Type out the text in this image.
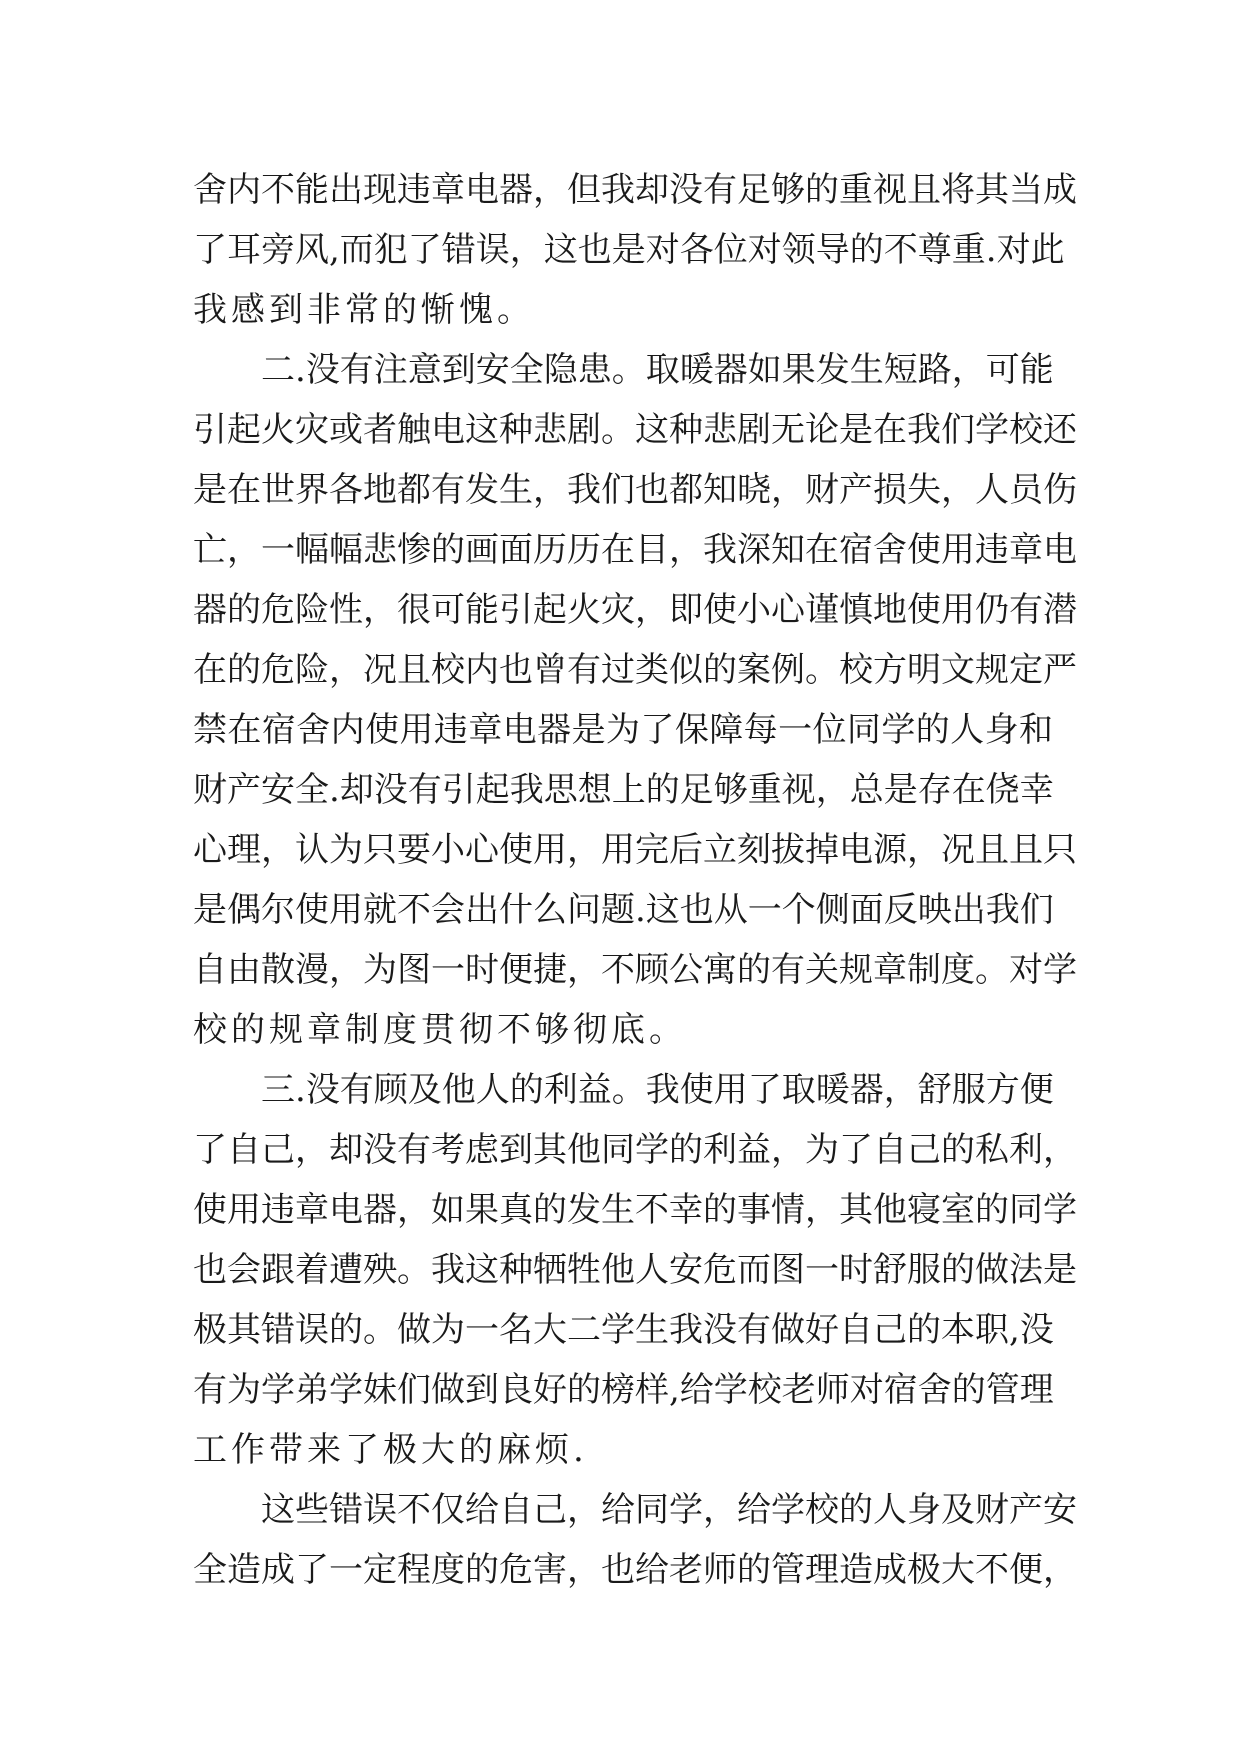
舍内不能出现违章电器，但我却没有足够的重视且将其当成
了耳旁风,而犯了错误，这也是对各位对领导的不尊重.对此
我感到非常的惭愧。
二.没有注意到安全隐患。取暖器如果发生短路，可能
引起火灾或者触电这种悲剧。这种悲剧无论是在我们学校还
是在世界各地都有发生，我们也都知晓，财产损失，人员伤
亡，一幅幅悲惨的画面历历在目，我深知在宿舍使用违章电
器的危险性，很可能引起火灾，即使小心谨慎地使用仍有潜
在的危险，况且校内也曾有过类似的案例。校方明文规定严
禁在宿舍内使用违章电器是为了保障每一位同学的人身和
财产安全.却没有引起我思想上的足够重视，总是存在侥幸
心理，认为只要小心使用，用完后立刻拔掉电源，况且且只
是偶尔使用就不会出什么问题.这也从一个侧面反映出我们
自由散漫，为图一时便捷，不顾公寓的有关规章制度。对学
校的规章制度贯彻不够彻底。
三.没有顾及他人的利益。我使用了取暖器，舒服方便
了自己，却没有考虑到其他同学的利益，为了自己的私利，
使用违章电器，如果真的发生不幸的事情，其他寝室的同学
也会跟着遭殃。我这种牺牲他人安危而图一时舒服的做法是
极其错误的。做为一名大二学生我没有做好自己的本职,没
有为学弟学妹们做到良好的榜样,给学校老师对宿舍的管理
工作带来了极大的麻烦.
这些错误不仅给自己，给同学，给学校的人身及财产安
全造成了一定程度的危害，也给老师的管理造成极大不便，
